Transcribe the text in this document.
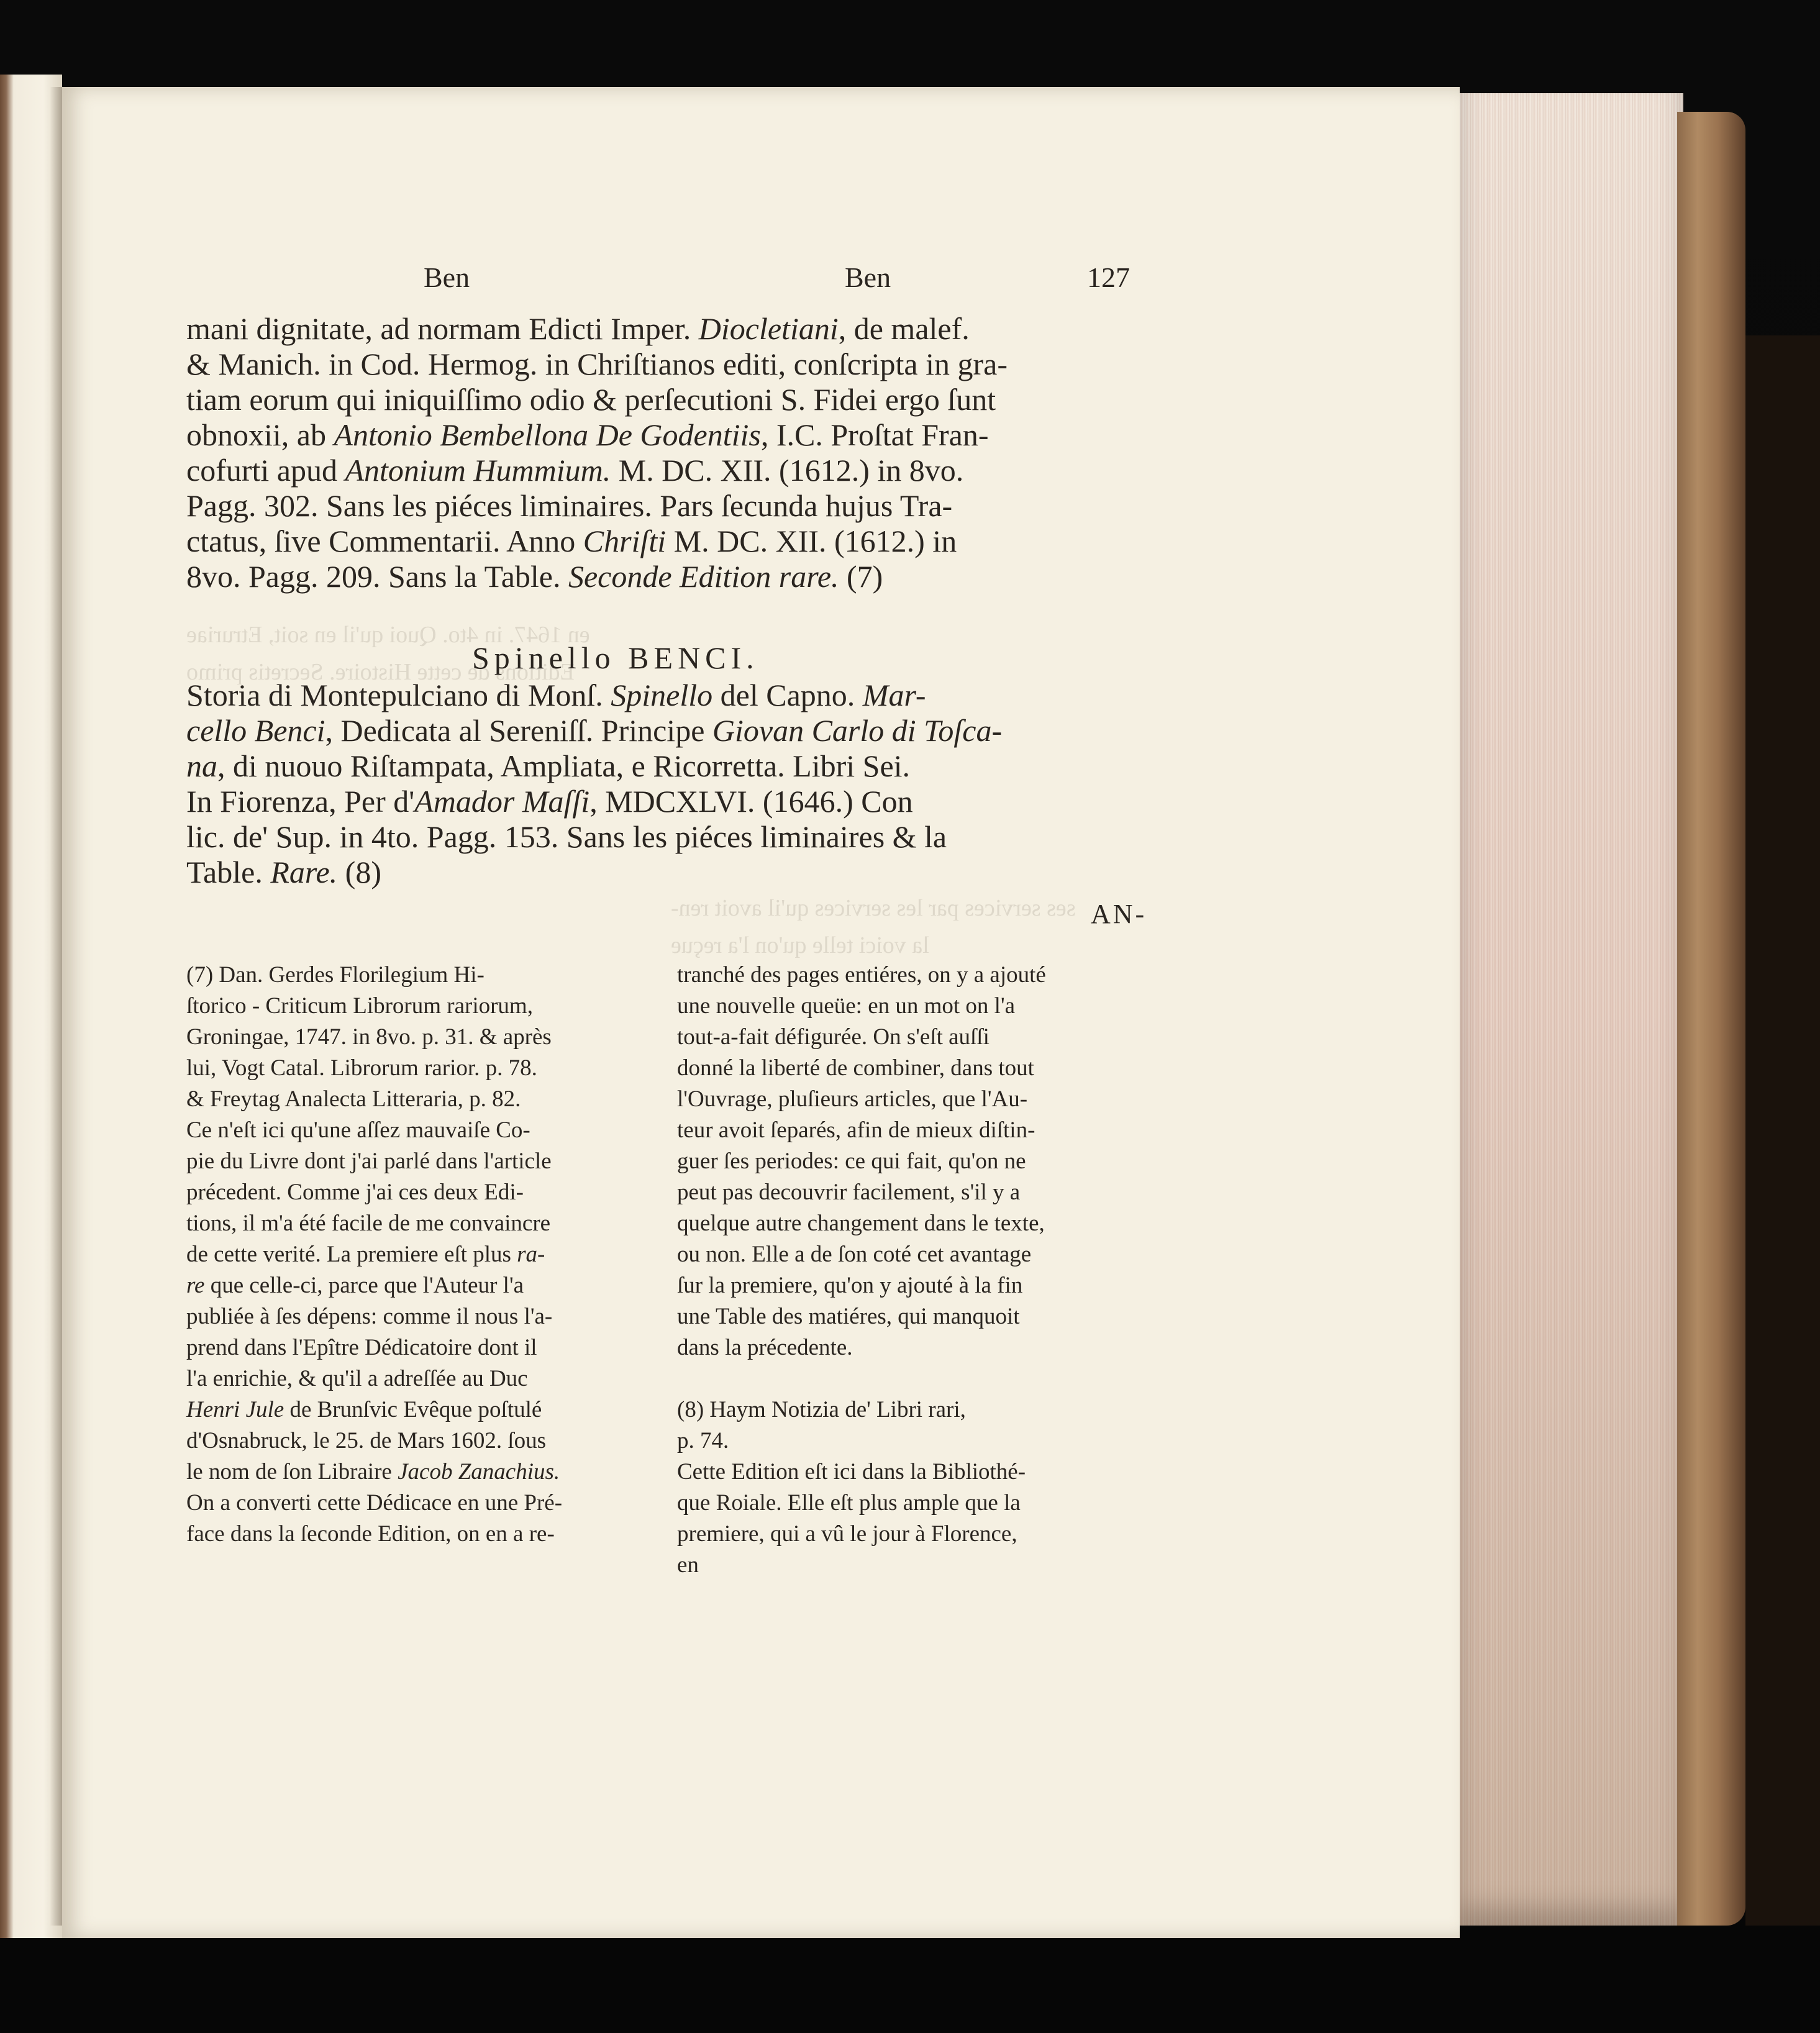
en 1647. in 4to. Quoi qu'il en soit, Etruriae
Editions de cette Histoire. Secretis primo
ses services par les services qu'il avoit ren-
la voici telle qu'on l'a reçue
Ben	Ben	127
mani dignitate, ad normam Edicti Imper. Diocletiani, de malef.
& Manich. in Cod. Hermog. in Chriſtianos editi, conſcripta in gra-
tiam eorum qui iniquiſſimo odio & perſecutioni S. Fidei ergo ſunt
obnoxii, ab Antonio Bembellona De Godentiis, I.C. Proſtat Fran-
cofurti apud Antonium Hummium. M. DC. XII. (1612.) in 8vo.
Pagg. 302. Sans les piéces liminaires. Pars ſecunda hujus Tra-
ctatus, ſive Commentarii. Anno Chriſti M. DC. XII. (1612.) in
8vo. Pagg. 209. Sans la Table. Seconde Edition rare. (7)
Spinello BENCI.
Storia di Montepulciano di Monſ. Spinello del Capno. Mar-
cello Benci, Dedicata al Sereniſſ. Principe Giovan Carlo di Toſca-
na, di nuouo Riſtampata, Ampliata, e Ricorretta. Libri Sei.
In Fiorenza, Per d'Amador Maſſi, MDCXLVI. (1646.) Con
lic. de' Sup. in 4to. Pagg. 153. Sans les piéces liminaires & la
Table. Rare. (8)
AN-
(7) Dan. Gerdes Florilegium Hi-
ſtorico - Criticum Librorum rariorum,
Groningae, 1747. in 8vo. p. 31. & après
lui, Vogt Catal. Librorum rarior. p. 78.
& Freytag Analecta Litteraria, p. 82.
Ce n'eſt ici qu'une aſſez mauvaiſe Co-
pie du Livre dont j'ai parlé dans l'article
précedent. Comme j'ai ces deux Edi-
tions, il m'a été facile de me convaincre
de cette verité. La premiere eſt plus ra-
re que celle-ci, parce que l'Auteur l'a
publiée à ſes dépens: comme il nous l'a-
prend dans l'Epître Dédicatoire dont il
l'a enrichie, & qu'il a adreſſée au Duc
Henri Jule de Brunſvic Evêque poſtulé
d'Osnabruck, le 25. de Mars 1602. ſous
le nom de ſon Libraire Jacob Zanachius.
On a converti cette Dédicace en une Pré-
face dans la ſeconde Edition, on en a re-
tranché des pages entiéres, on y a ajouté
une nouvelle queüe: en un mot on l'a
tout-a-fait défigurée. On s'eſt auſſi
donné la liberté de combiner, dans tout
l'Ouvrage, pluſieurs articles, que l'Au-
teur avoit ſeparés, afin de mieux diſtin-
guer ſes periodes: ce qui fait, qu'on ne
peut pas decouvrir facilement, s'il y a
quelque autre changement dans le texte,
ou non. Elle a de ſon coté cet avantage
ſur la premiere, qu'on y ajouté à la fin
une Table des matiéres, qui manquoit
dans la précedente.

(8) Haym Notizia de' Libri rari,
p. 74.
Cette Edition eſt ici dans la Bibliothé-
que Roiale. Elle eſt plus ample que la
premiere, qui a vû le jour à Florence,
en
